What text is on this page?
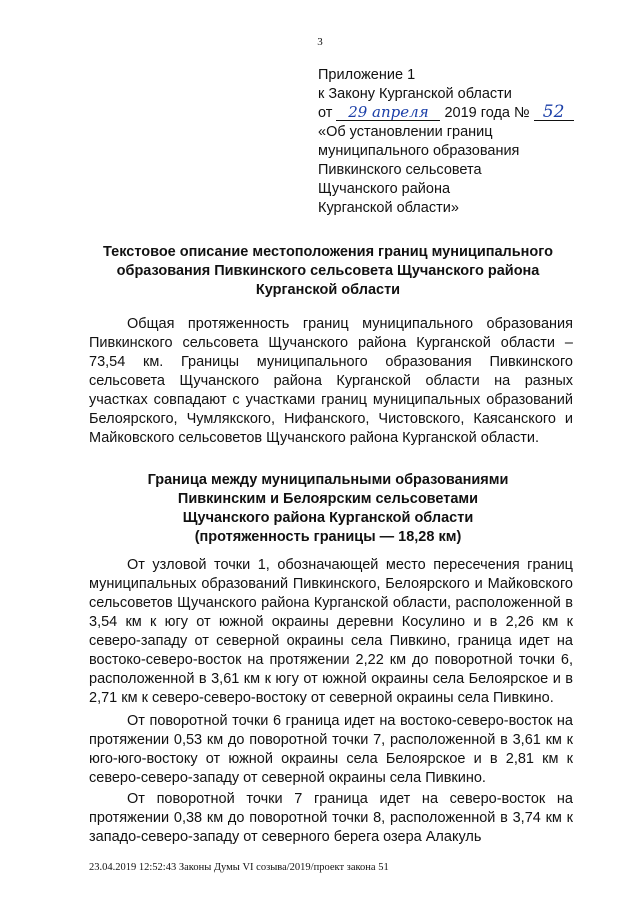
3
Приложение 1
к Закону Курганской области
от 29 апреля 2019 года № 52
«Об установлении границ
муниципального образования
Пивкинского сельсовета
Щучанского района
Курганской области»
Текстовое описание местоположения границ муниципального
образования Пивкинского сельсовета Щучанского района
Курганской области

Общая протяженность границ муниципального образования Пивкинского сельсовета Щучанского района Курганской области – 73,54 км. Границы муниципального образования Пивкинского сельсовета Щучанского района Курганской области на разных участках совпадают с участками границ муниципальных образований Белоярского, Чумлякского, Нифанского, Чистовского, Каясанского и Майковского сельсоветов Щучанского района Курганской области.

Граница между муниципальными образованиями
Пивкинским и Белоярским сельсоветами
Щучанского района Курганской области
(протяженность границы — 18,28 км)

От узловой точки 1, обозначающей место пересечения границ муниципальных образований Пивкинского, Белоярского и Майковского сельсоветов Щучанского района Курганской области, расположенной в 3,54 км к югу от южной окраины деревни Косулино и в 2,26 км к северо-западу от северной окраины села Пивкино, граница идет на востоко-северо-восток на протяжении 2,22 км до поворотной точки 6, расположенной в 3,61 км к югу от южной окраины села Белоярское и в 2,71 км к северо-северо-востоку от северной окраины села Пивкино.

От поворотной точки 6 граница идет на востоко-северо-восток на протяжении 0,53 км до поворотной точки 7, расположенной в 3,61 км к юго-юго-востоку от южной окраины села Белоярское и в 2,81 км к северо-северо-западу от северной окраины села Пивкино.

От поворотной точки 7 граница идет на северо-восток на протяжении 0,38 км до поворотной точки 8, расположенной в 3,74 км к западо-северо-западу от северного берега озера Алакуль

23.04.2019 12:52:43 Законы Думы VI созыва/2019/проект закона 51
